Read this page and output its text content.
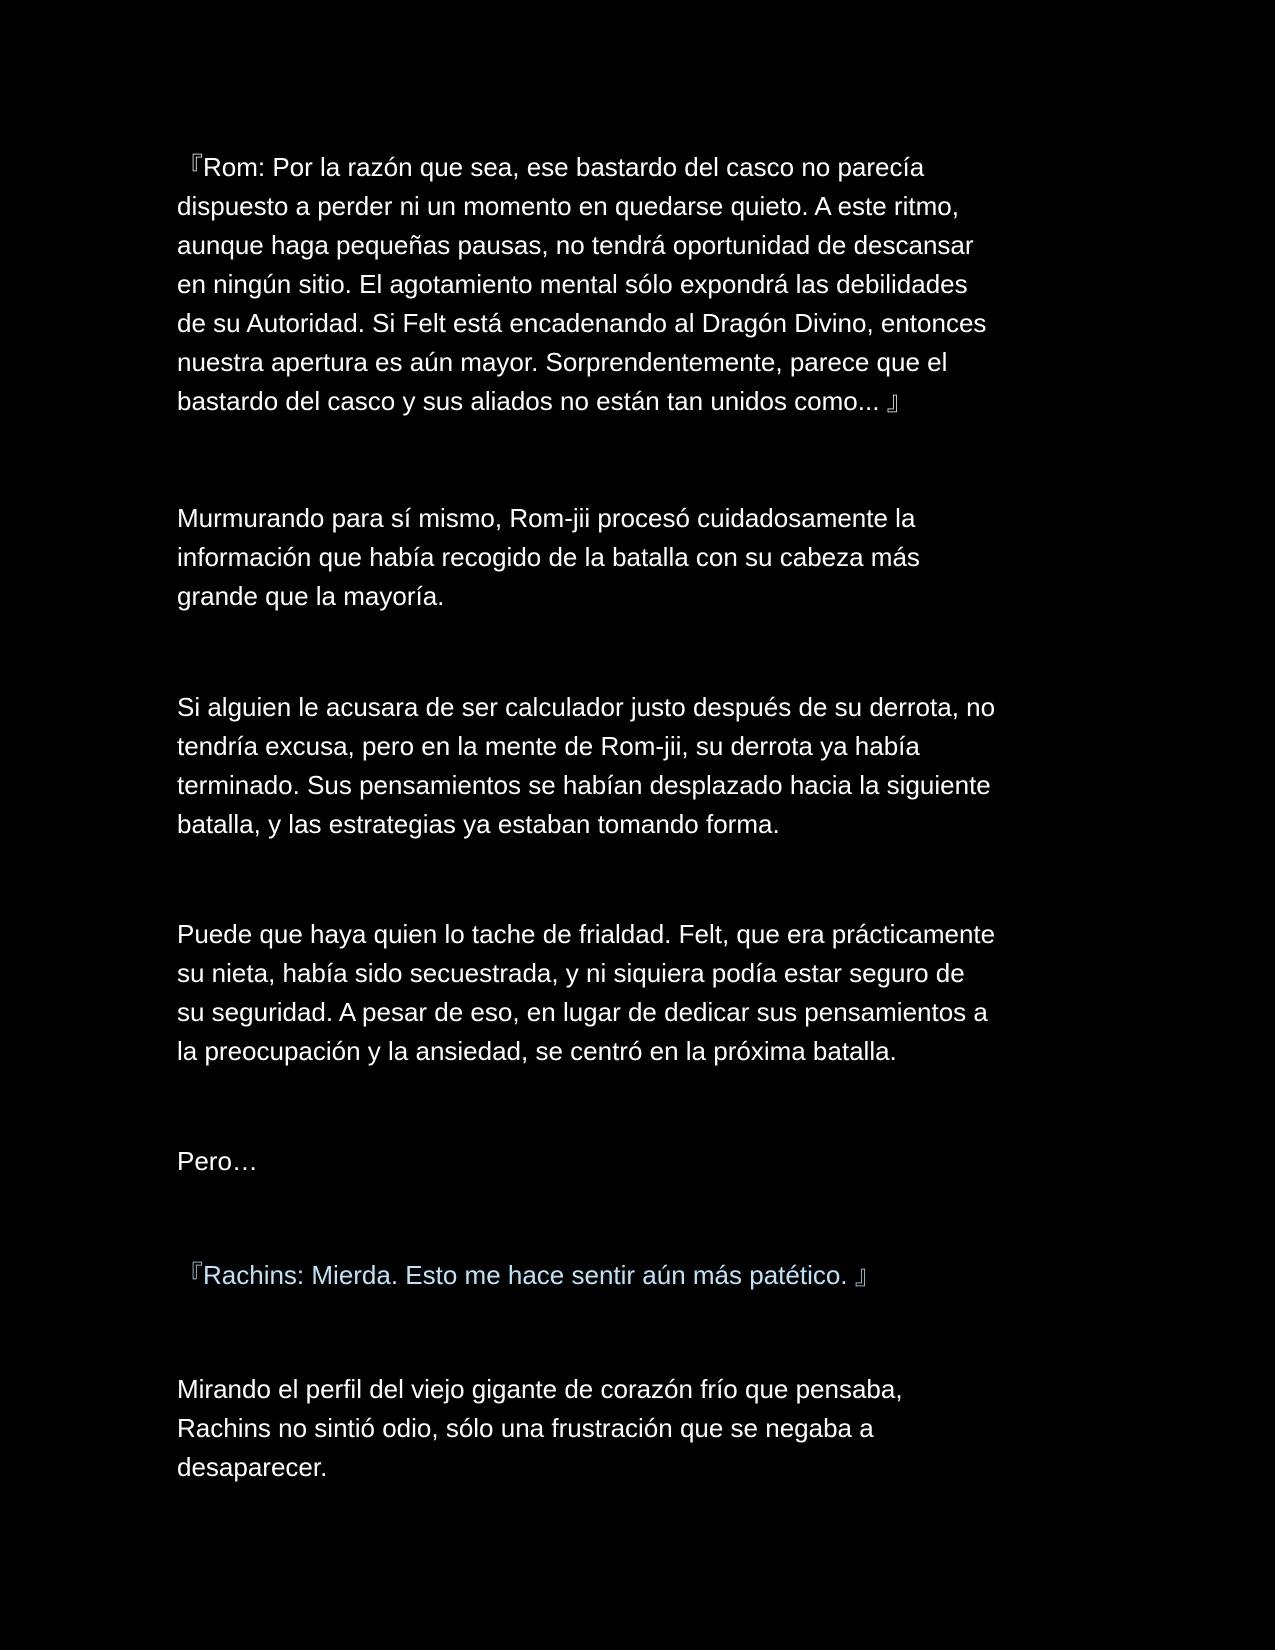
『Rom: Por la razón que sea, ese bastardo del casco no parecía
dispuesto a perder ni un momento en quedarse quieto. A este ritmo,
aunque haga pequeñas pausas, no tendrá oportunidad de descansar
en ningún sitio. El agotamiento mental sólo expondrá las debilidades
de su Autoridad. Si Felt está encadenando al Dragón Divino, entonces
nuestra apertura es aún mayor. Sorprendentemente, parece que el
bastardo del casco y sus aliados no están tan unidos como... 』

Murmurando para sí mismo, Rom-jii procesó cuidadosamente la
información que había recogido de la batalla con su cabeza más
grande que la mayoría.

Si alguien le acusara de ser calculador justo después de su derrota, no
tendría excusa, pero en la mente de Rom-jii, su derrota ya había
terminado. Sus pensamientos se habían desplazado hacia la siguiente
batalla, y las estrategias ya estaban tomando forma.

Puede que haya quien lo tache de frialdad. Felt, que era prácticamente
su nieta, había sido secuestrada, y ni siquiera podía estar seguro de
su seguridad. A pesar de eso, en lugar de dedicar sus pensamientos a
la preocupación y la ansiedad, se centró en la próxima batalla.

Pero…

『Rachins: Mierda. Esto me hace sentir aún más patético. 』

Mirando el perfil del viejo gigante de corazón frío que pensaba,
Rachins no sintió odio, sólo una frustración que se negaba a
desaparecer.
